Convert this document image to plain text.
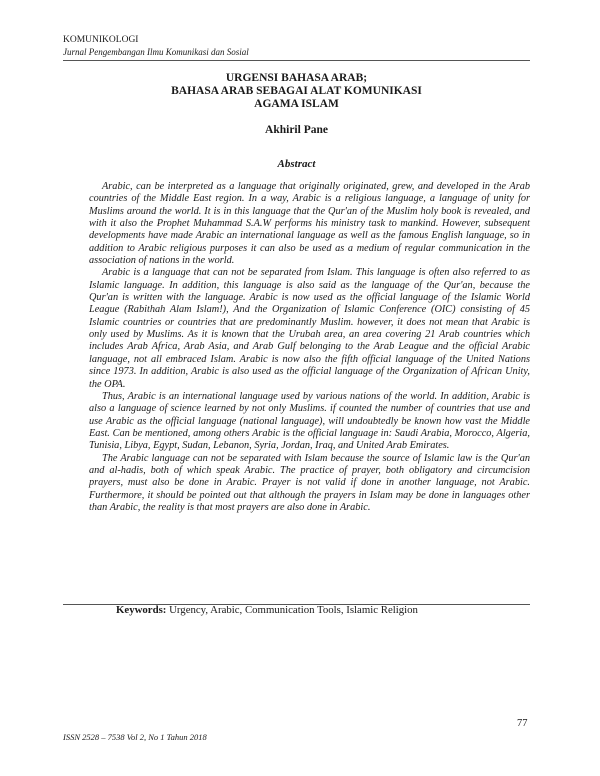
KOMUNIKOLOGI
Jurnal Pengembangan Ilmu Komunikasi dan Sosial
URGENSI BAHASA ARAB;
BAHASA ARAB SEBAGAI ALAT KOMUNIKASI
AGAMA ISLAM
Akhiril Pane
Abstract

Arabic, can be interpreted as a language that originally originated, grew, and developed in the Arab countries of the Middle East region. In a way, Arabic is a religious language, a language of unity for Muslims around the world. It is in this language that the Qur'an of the Muslim holy book is revealed, and with it also the Prophet Muhammad S.A.W performs his ministry task to mankind. However, subsequent developments have made Arabic an international language as well as the famous English language, so in addition to Arabic religious purposes it can also be used as a medium of regular communication in the association of nations in the world.

Arabic is a language that can not be separated from Islam. This language is often also referred to as Islamic language. In addition, this language is also said as the language of the Qur'an, because the Qur'an is written with the language. Arabic is now used as the official language of the Islamic World League (Rabithah Alam Islam!), And the Organization of Islamic Conference (OIC) consisting of 45 Islamic countries or countries that are predominantly Muslim. however, it does not mean that Arabic is only used by Muslims. As it is known that the Urubah area, an area covering 21 Arab countries which includes Arab Africa, Arab Asia, and Arab Gulf belonging to the Arab League and the official Arabic language, not all embraced Islam. Arabic is now also the fifth official language of the United Nations since 1973. In addition, Arabic is also used as the official language of the Organization of African Unity, the OPA.

Thus, Arabic is an international language used by various nations of the world. In addition, Arabic is also a language of science learned by not only Muslims. if counted the number of countries that use and use Arabic as the official language (national language), will undoubtedly be known how vast the Middle East. Can be mentioned, among others Arabic is the official language in: Saudi Arabia, Morocco, Algeria, Tunisia, Libya, Egypt, Sudan, Lebanon, Syria, Jordan, Iraq, and United Arab Emirates.

The Arabic language can not be separated with Islam because the source of Islamic law is the Qur'an and al-hadis, both of which speak Arabic. The practice of prayer, both obligatory and circumcision prayers, must also be done in Arabic. Prayer is not valid if done in another language, not Arabic. Furthermore, it should be pointed out that although the prayers in Islam may be done in languages other than Arabic, the reality is that most prayers are also done in Arabic.

Keywords: Urgency, Arabic, Communication Tools, Islamic Religion
77
ISSN 2528 – 7538 Vol 2, No 1 Tahun 2018
